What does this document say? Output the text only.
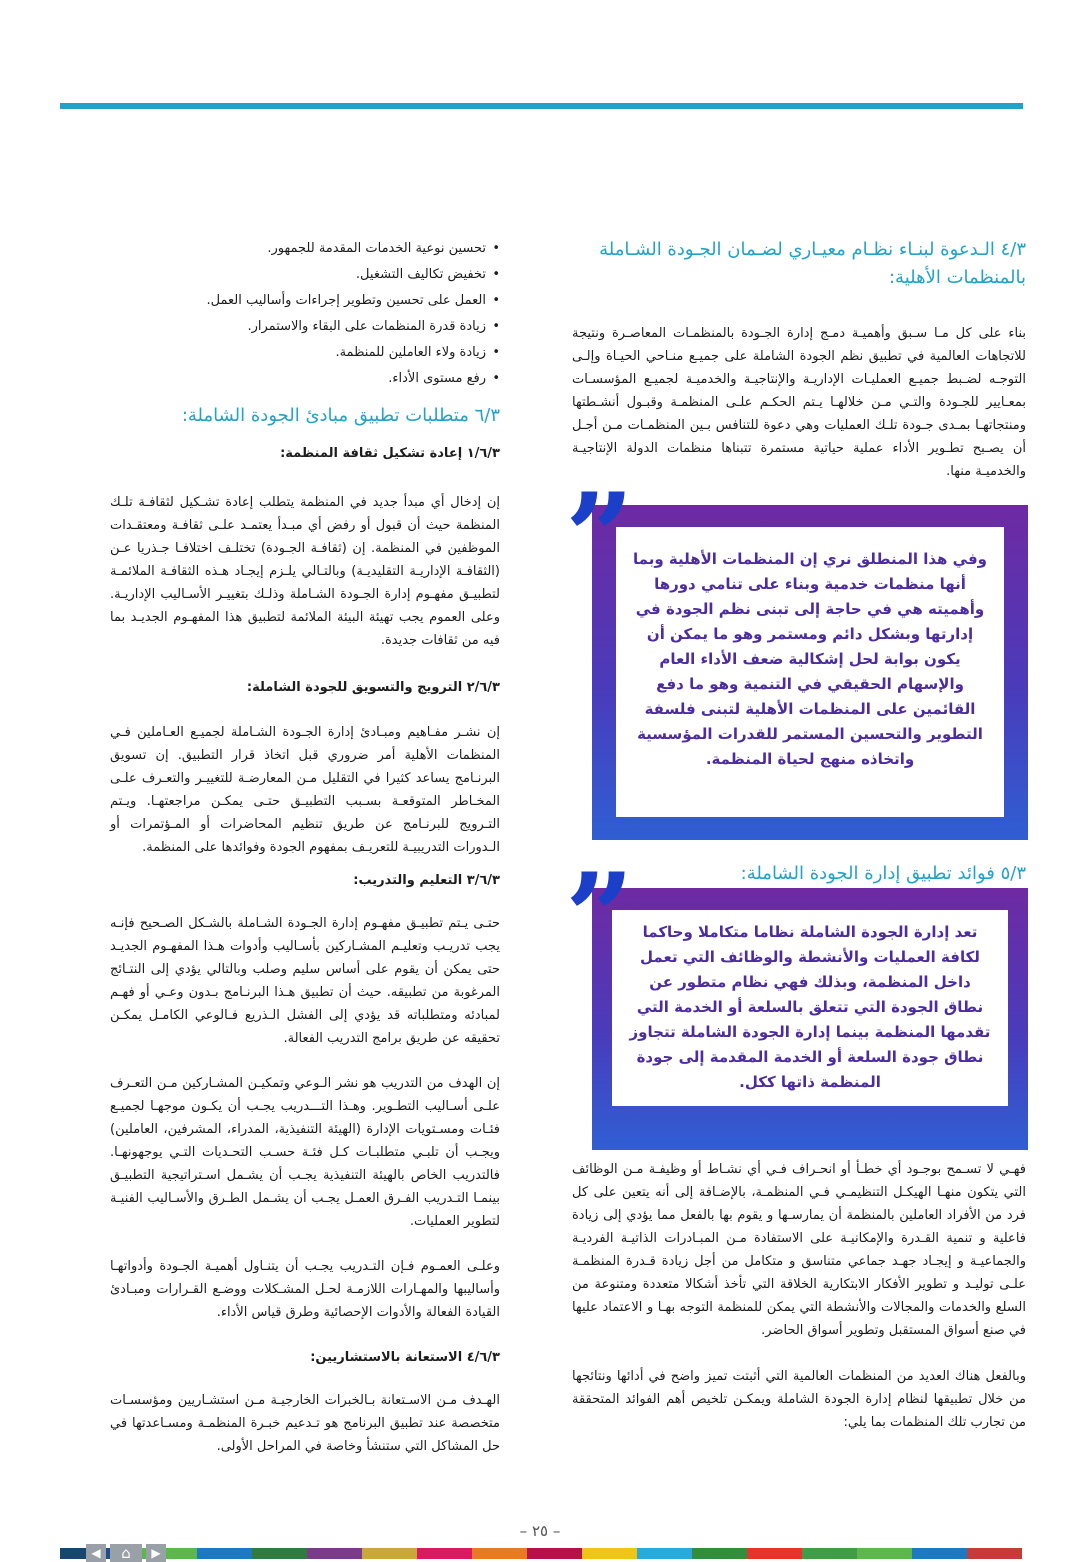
٤/٣ الـدعوة لبنـاء نظـام معيـاري لضـمان الجـودة الشـاملة بالمنظمات الأهلية:

بناء على كل مـا سـبق وأهميـة دمـج إدارة الجـودة بالمنظمـات المعاصـرة ونتيجة للاتجاهات العالمية في تطبيق نظم الجودة الشاملة على جميـع منـاحي الحيـاة وإلـى التوجـه لضـبط جميـع العمليـات الإداريـة والإنتاجيـة والخدميـة لجميـع المؤسسـات بمعـايير للجـودة والتـي مـن خلالهـا يـتم الحكـم علـى المنظمـة وقبـول أنشـطتها ومنتجاتهـا بمـدى جـودة تلـك العمليات وهي دعوة للتنافس بـين المنظمـات مـن أجـل أن يصـبح تطـوير الأداء عملية حياتية مستمرة تتبناها منظمات الدولة الإنتاجيـة والخدميـة منها.

وفي هذا المنطلق نري إن المنظمات الأهلية وبما أنها منظمات خدمية وبناء على تنامي دورها وأهميته هي في حاجة إلى تبنى نظم الجودة في إدارتها وبشكل دائم ومستمر وهو ما يمكن أن يكون بوابة لحل إشكالية ضعف الأداء العام والإسهام الحقيقي في التنمية وهو ما دفع القائمين على المنظمات الأهلية لتبنى فلسفة التطوير والتحسين المستمر للقدرات المؤسسية واتخاذه منهج لحياة المنظمة.
”
٥/٣ فوائد تطبيق إدارة الجودة الشاملة:
تعد إدارة الجودة الشاملة نظاما متكاملا وحاكما لكافة العمليات والأنشطة والوظائف التي تعمل داخل المنظمة، وبذلك فهي نظام متطور عن نطاق الجودة التي تتعلق بالسلعة أو الخدمة التي تقدمها المنظمة بينما إدارة الجودة الشاملة تتجاوز نطاق جودة السلعة أو الخدمة المقدمة إلى جودة المنظمة ذاتها ككل.
”

فهـي لا تسـمح بوجـود أي خطـأ أو انحـراف فـي أي نشـاط أو وظيفـة مـن الوظائف التي يتكون منهـا الهيكـل التنظيمـي فـي المنظمـة، بالإضـافة إلى أنه يتعين على كل فرد من الأفراد العاملين بالمنظمة أن يمارسـها و يقوم بها بالفعل مما يؤدي إلى زيادة فاعلية و تنمية القـدرة والإمكانيـة على الاستفادة مـن المبـادرات الذاتيـة الفرديـة والجماعيـة و إيجـاد جهـد جماعي متناسق و متكامل من أجل زيادة قـدرة المنظمـة علـى توليـد و تطوير الأفكار الابتكارية الخلاقة التي تأخذ أشكالا متعددة ومتنوعة من السلع والخدمات والمجالات والأنشطة التي يمكن للمنظمة التوجه بهـا و الاعتماد عليها في صنع أسواق المستقبل وتطوير أسواق الحاضر.

وبالفعل هناك العديد من المنظمات العالمية التي أثبتت تميز واضح في أدائها ونتائجها من خلال تطبيقها لنظام إدارة الجودة الشاملة ويمكـن تلخيص أهم الفوائد المتحققة من تجارب تلك المنظمات بما يلي:

• تحسين نوعية الخدمات المقدمة للجمهور.
• تخفيض تكاليف التشغيل.
• العمل على تحسين وتطوير إجراءات وأساليب العمل.
• زيادة قدرة المنظمات على البقاء والاستمرار.
• زيادة ولاء العاملين للمنظمة.
• رفع مستوى الأداء.
٦/٣ متطلبات تطبيق مبادئ الجودة الشاملة:
١/٦/٣ إعادة تشكيل ثقافة المنظمة:

إن إدخال أي مبدأ جديد في المنظمة يتطلب إعادة تشـكيل لثقافـة تلـك المنظمة حيث أن قبول أو رفض أي مبـدأ يعتمـد علـى ثقافـة ومعتقـدات الموظفين في المنظمة. إن (ثقافـة الجـودة) تختلـف اختلافـا جـذريا عـن (الثقافـة الإداريـة التقليديـة) وبالتـالي يلـزم إيجـاد هـذه الثقافـة الملائمـة لتطبيـق مفهـوم إدارة الجـودة الشـاملة وذلـك بتغييـر الأسـاليب الإداريـة. وعلى العموم يجب تهيئة البيئة الملائمة لتطبيق هذا المفهـوم الجديـد بما فيه من ثقافات جديدة.

٢/٦/٣ الترويج والتسويق للجودة الشاملة:

إن نشـر مفـاهيم ومبـادئ إدارة الجـودة الشـاملة لجميـع العـاملين فـي المنظمات الأهلية أمر ضروري قبل اتخاذ قرار التطبيق. إن تسويق البرنـامج يساعد كثيرا في التقليل مـن المعارضـة للتغييـر والتعـرف علـى المخـاطر المتوقعـة بسـبب التطبيـق حتـى يمكـن مراجعتهـا. ويـتم التـرويج للبرنـامج عن طريق تنظيم المحاضرات أو المـؤتمرات أو الـدورات التدريبيـة للتعريـف بمفهوم الجودة وفوائدها على المنظمة.

٣/٦/٣ التعليم والتدريب:

حتـى يـتم تطبيـق مفهـوم إدارة الجـودة الشـاملة بالشـكل الصـحيح فإنـه يجب تدريـب وتعليـم المشـاركين بأسـاليب وأدوات هـذا المفهـوم الجديـد حتى يمكن أن يقوم على أساس سليم وصلب وبالتالي يؤدي إلى النتـائج المرغوبة من تطبيقه. حيث أن تطبيق هـذا البرنـامج بـدون وعـي أو فهـم لمبادئه ومتطلباته قد يؤدي إلى الفشل الـذريع فـالوعي الكامـل يمكـن تحقيقه عن طريق برامج التدريب الفعالة.

إن الهدف من التدريب هو نشر الـوعي وتمكيـن المشـاركين مـن التعـرف علـى أسـاليب التطـوير. وهـذا التـــدريب يجـب أن يكـون موجهـا لجميـع فئـات ومسـتويات الإدارة (الهيئة التنفيذية، المدراء، المشرفين، العاملين) ويجـب أن تلبـي متطلبـات كـل فئـة حسـب التحـديات التـي يوجهونهـا. فالتدريب الخاص بالهيئة التنفيذية يجـب أن يشـمل اسـتراتيجية التطبيـق بينمـا التـدريب الفـرق العمـل يجـب أن يشـمل الطـرق والأسـاليب الفنيـة لتطوير العمليات.

وعلـى العمـوم فـإن التـدريب يجـب أن يتنـاول أهميـة الجـودة وأدواتهـا وأساليبها والمهـارات اللازمـة لحـل المشـكلات ووضـع القـرارات ومبـادئ القيادة الفعالة والأدوات الإحصائية وطرق قياس الأداء.

٤/٦/٣ الاستعانة بالاستشاريين:

الهـدف مـن الاسـتعانة بـالخبرات الخارجيـة مـن استشـاريين ومؤسسـات متخصصة عند تطبيق البرنامج هو تـدعيم خبـرة المنظمـة ومسـاعدتها في حل المشاكل التي ستنشأ وخاصة في المراحل الأولى.

– ٢٥ –
◀ ⌂ ▶
